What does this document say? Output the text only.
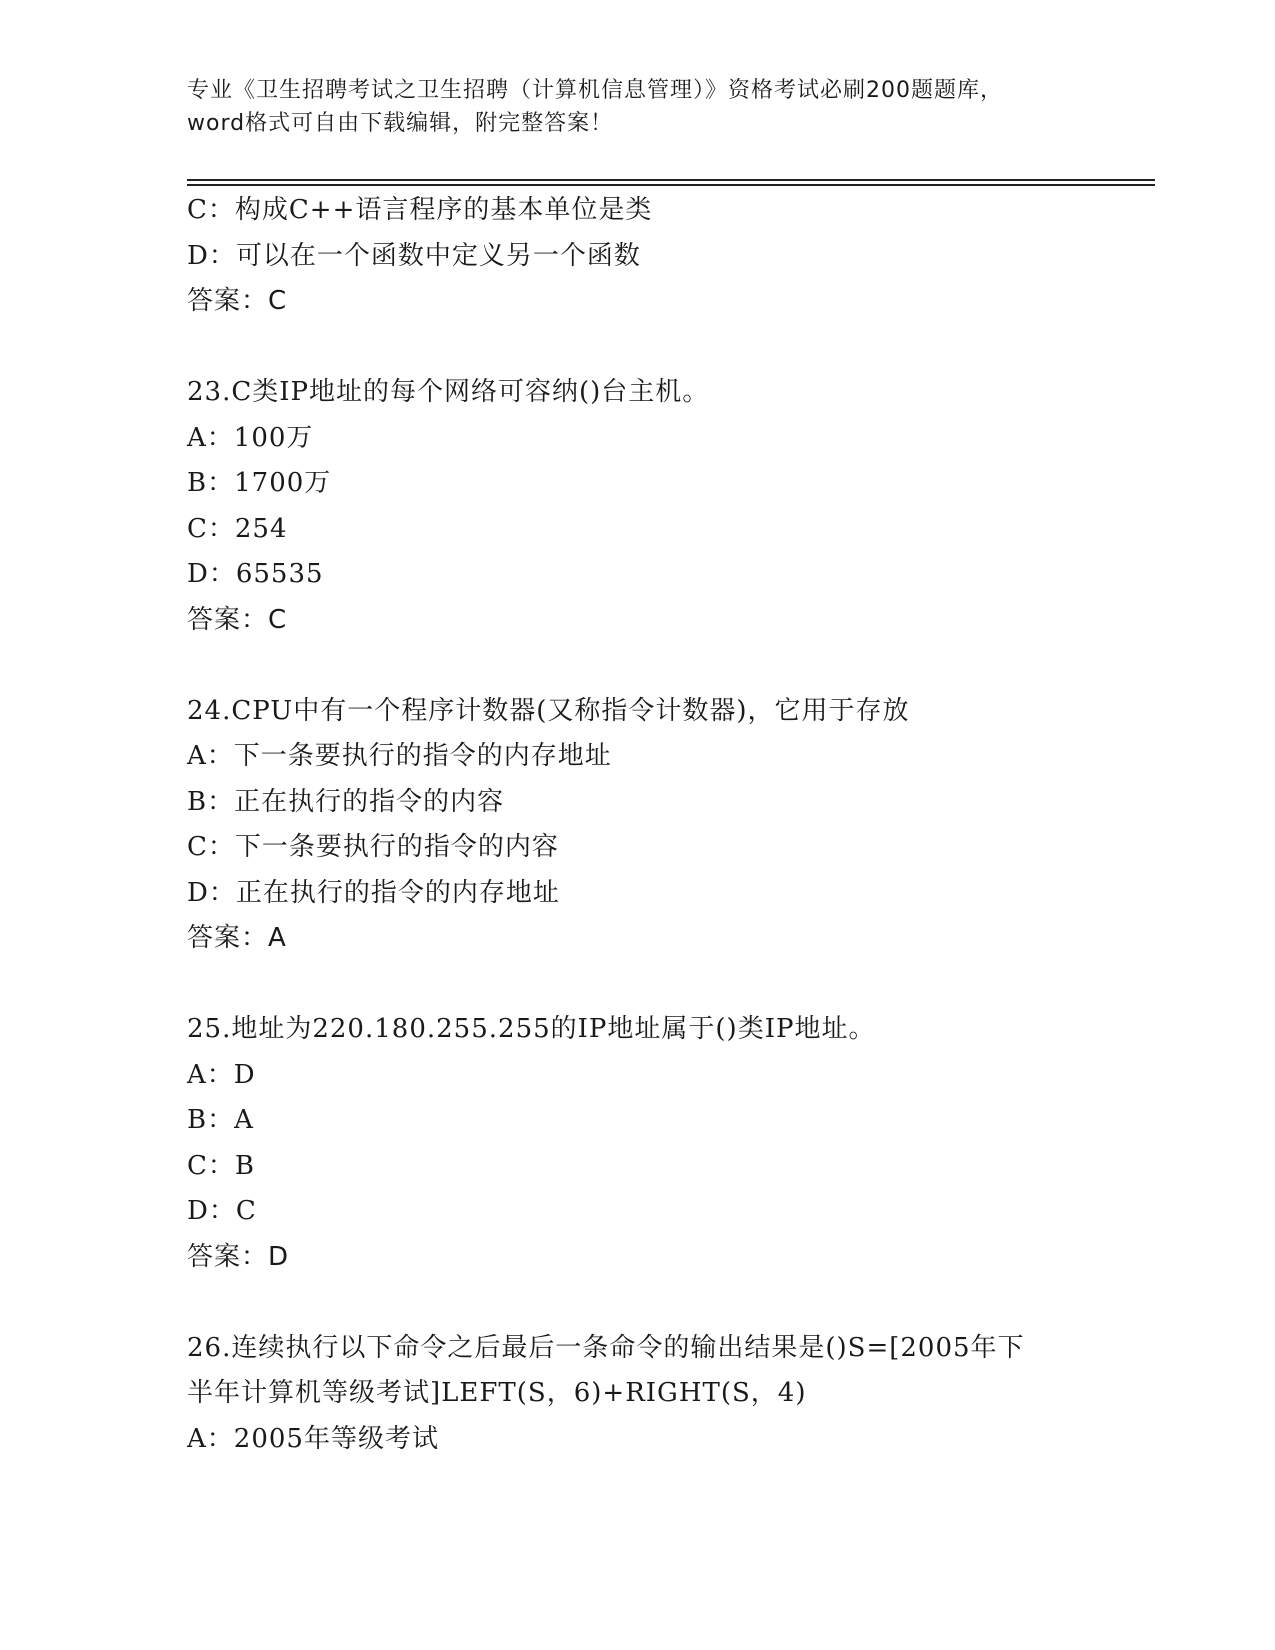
专业《卫生招聘考试之卫生招聘（计算机信息管理）》资格考试必刷200题题库，
word格式可自由下载编辑，附完整答案！
C：构成C++语言程序的基本单位是类
D：可以在一个函数中定义另一个函数
答案：C
23.C类IP地址的每个网络可容纳()台主机。
A：100万
B：1700万
C：254
D：65535
答案：C
24.CPU中有一个程序计数器(又称指令计数器)，它用于存放
A：下一条要执行的指令的内存地址
B：正在执行的指令的内容
C：下一条要执行的指令的内容
D：正在执行的指令的内存地址
答案：A
25.地址为220.180.255.255的IP地址属于()类IP地址。
A：D
B：A
C：B
D：C
答案：D
26.连续执行以下命令之后最后一条命令的输出结果是()S=[2005年下
半年计算机等级考试]LEFT(S，6)+RIGHT(S，4)
A：2005年等级考试
